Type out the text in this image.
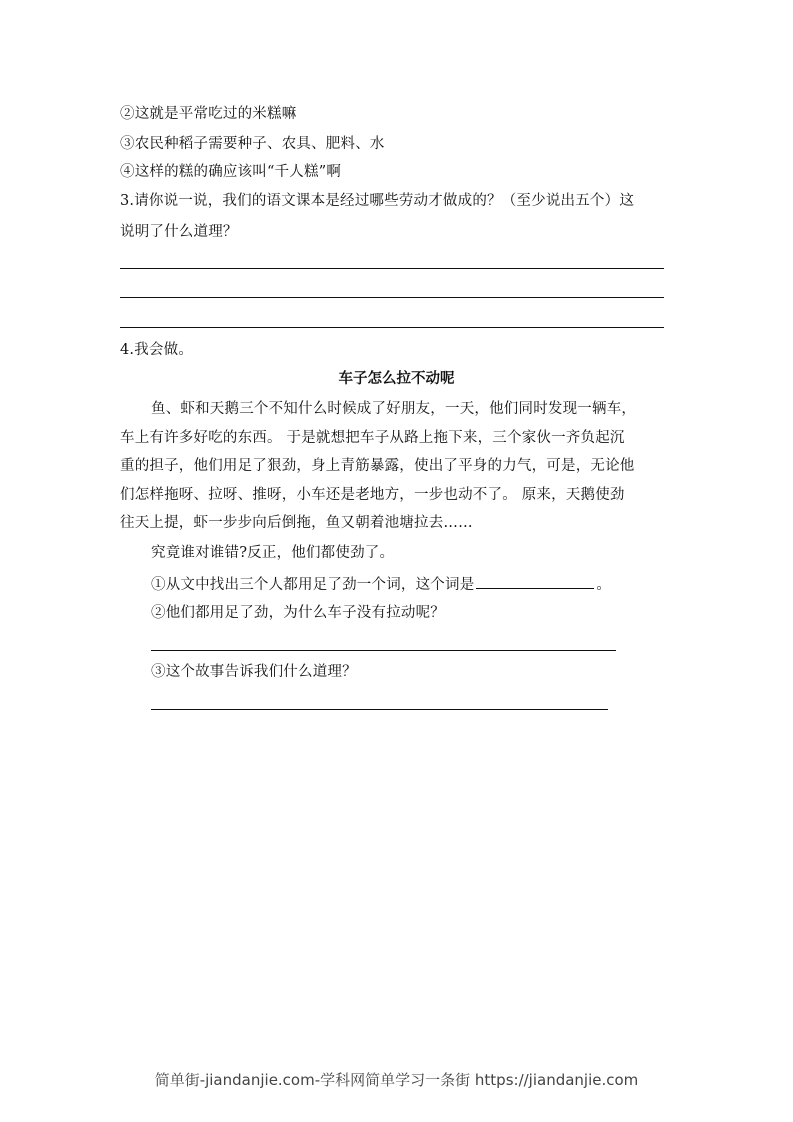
②这就是平常吃过的米糕嘛
③农民种稻子需要种子、农具、肥料、水
④这样的糕的确应该叫“千人糕”啊
3.请你说一说，我们的语文课本是经过哪些劳动才做成的？（至少说出五个）这
说明了什么道理？
4.我会做。
车子怎么拉不动呢
鱼、虾和天鹅三个不知什么时候成了好朋友，一天，他们同时发现一辆车，
车上有许多好吃的东西。 于是就想把车子从路上拖下来，三个家伙一齐负起沉
重的担子，他们用足了狠劲，身上青筋暴露，使出了平身的力气，可是，无论他
们怎样拖呀、拉呀、推呀，小车还是老地方，一步也动不了。 原来，天鹅使劲
往天上提，虾一步步向后倒拖，鱼又朝着池塘拉去……
究竟谁对谁错?反正，他们都使劲了。
①从文中找出三个人都用足了劲一个词，这个词是	。
②他们都用足了劲，为什么车子没有拉动呢？
③这个故事告诉我们什么道理？
简单街-jiandanjie.com-学科网简单学习一条街 https://jiandanjie.com
